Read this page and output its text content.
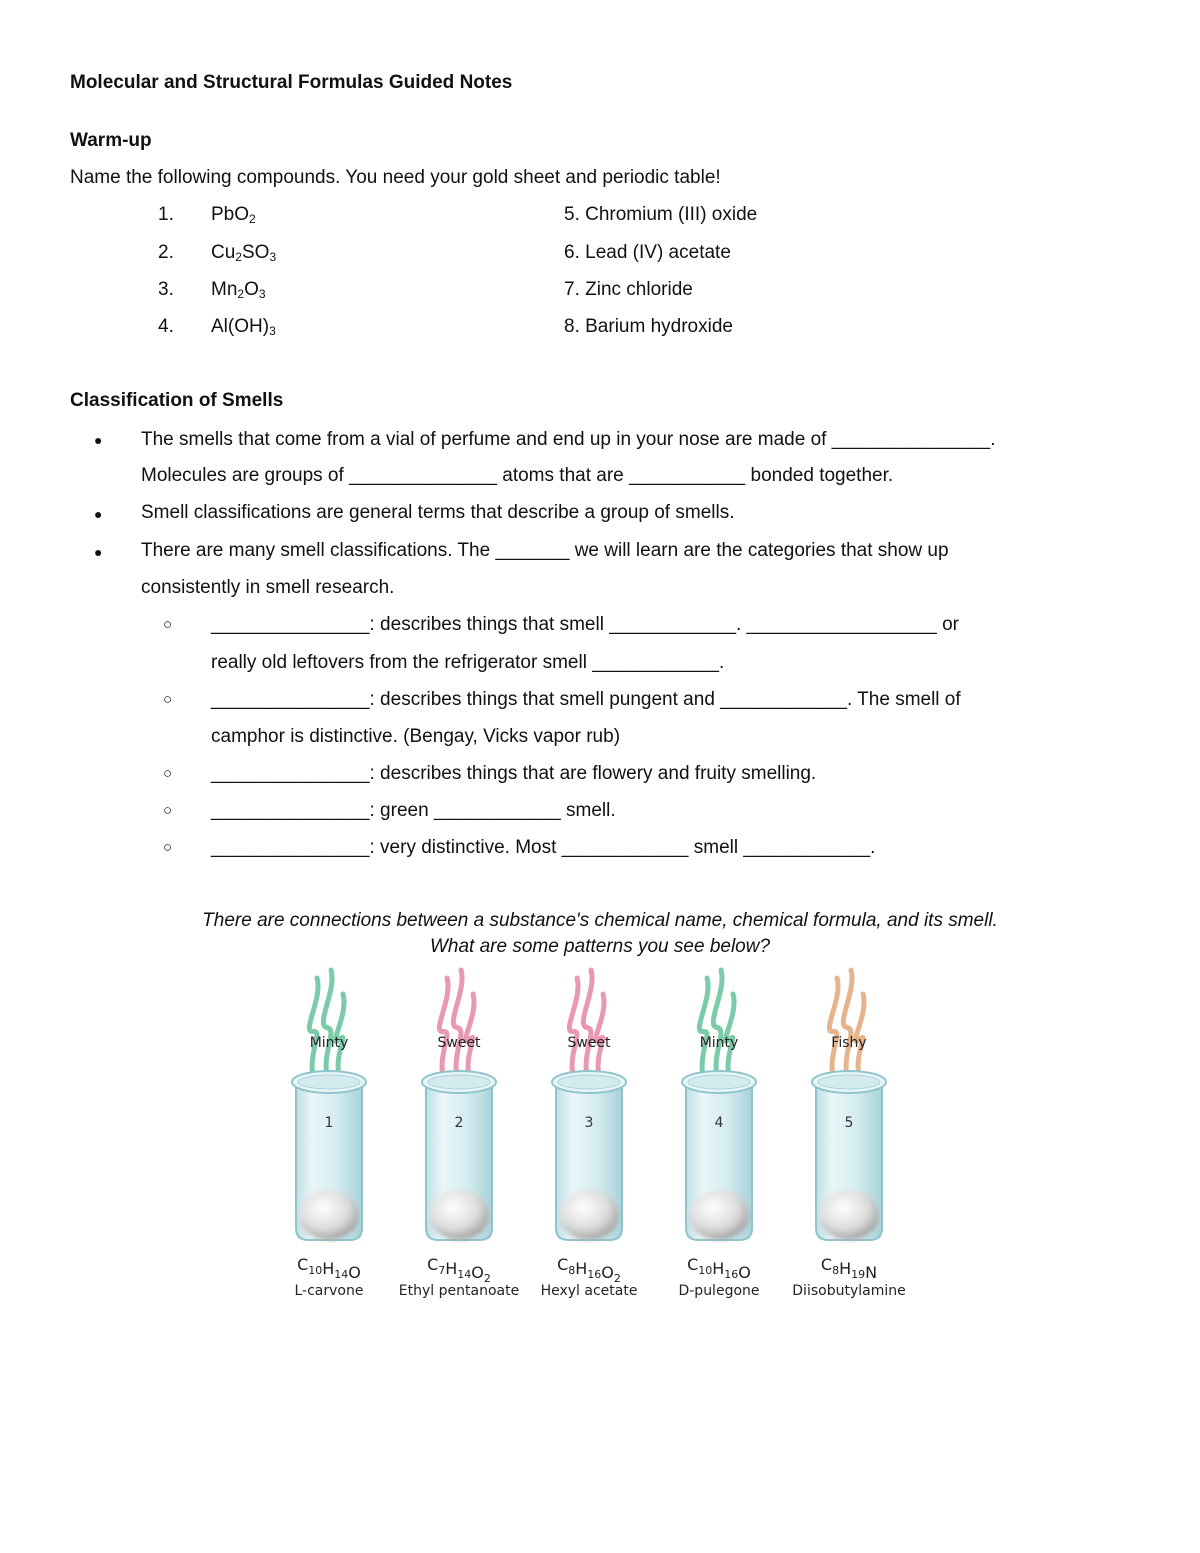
Molecular and Structural Formulas Guided Notes
Warm-up
Name the following compounds. You need your gold sheet and periodic table!
1. PbO$_2$
2. $Cu_2SO_3$
3. $Mn_2O_3$
4. $Al(OH)_3$
5. Chromium (III) oxide
6. Lead (IV) acetate
7. Zinc chloride
8. Barium hydroxide
Classification of Smells
● The smells that come from a vial of perfume and end up in your nose are made of _______________.
Molecules are groups of ______________ atoms that are ___________ bonded together.
● Smell classifications are general terms that describe a group of smells.
● There are many smell classifications. The _______ we will learn are the categories that show up
consistently in smell research.
○ _______________: describes things that smell ____________. __________________ or
really old leftovers from the refrigerator smell ____________.
○ _______________: describes things that smell pungent and ____________. The smell of
camphor is distinctive. (Bengay, Vicks vapor rub)
○ _______________: describes things that are flowery and fruity smelling.
○ _______________: green ____________ smell.
○ _______________: very distinctive. Most ____________ smell ____________.
There are connections between a substance's chemical name, chemical formula, and its smell.
What are some patterns you see below?
Minty
1
$C_{10}H_{14}O$
L-carvone
Sweet
2
$C_7H_{14}O_2$
Ethyl pentanoate
Sweet
3
$C_8H_{16}O_2$
Hexyl acetate
Minty
4
$C_{10}H_{16}O$
D-pulegone
Fishy
5
$C_8H_{19}N$
Diisobutylamine
